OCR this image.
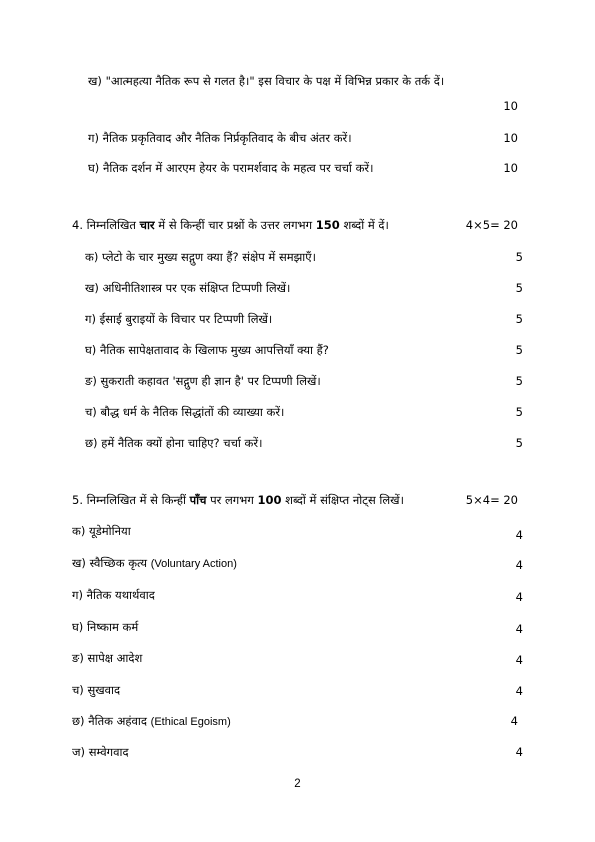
ख) "आत्महत्या नैतिक रूप से गलत है।" इस विचार के पक्ष में विभिन्न प्रकार के तर्क दें।
10
ग) नैतिक प्रकृतिवाद और नैतिक निर्प्रकृतिवाद के बीच अंतर करें।	10
घ) नैतिक दर्शन में आरएम हेयर के परामर्शवाद के महत्व पर चर्चा करें।	10
4. निम्नलिखित चार में से किन्हीं चार प्रश्नों के उत्तर लगभग 150 शब्दों में दें।	4×5= 20
क) प्लेटो के चार मुख्य सद्गुण क्या हैं? संक्षेप में समझाएँ।	5
ख) अधिनीतिशास्त्र पर एक संक्षिप्त टिप्पणी लिखें।	5
ग) ईसाई बुराइयों के विचार पर टिप्पणी लिखें।	5
घ) नैतिक सापेक्षतावाद के खिलाफ मुख्य आपत्तियाँ क्या हैं?	5
ङ) सुकराती कहावत 'सद्गुण ही ज्ञान है' पर टिप्पणी लिखें।	5
च) बौद्ध धर्म के नैतिक सिद्धांतों की व्याख्या करें।	5
छ) हमें नैतिक क्यों होना चाहिए? चर्चा करें।	5
5. निम्नलिखित में से किन्हीं पाँच पर लगभग 100 शब्दों में संक्षिप्त नोट्स लिखें।	5×4= 20
क) यूडेमोनिया	4
ख) स्वैच्छिक कृत्य (Voluntary Action)	4
ग) नैतिक यथार्थवाद	4
घ) निष्काम कर्म	4
ङ) सापेक्ष आदेश	4
च) सुखवाद	4
छ) नैतिक अहंवाद (Ethical Egoism)	4
ज) सम्वेगवाद	4
2
